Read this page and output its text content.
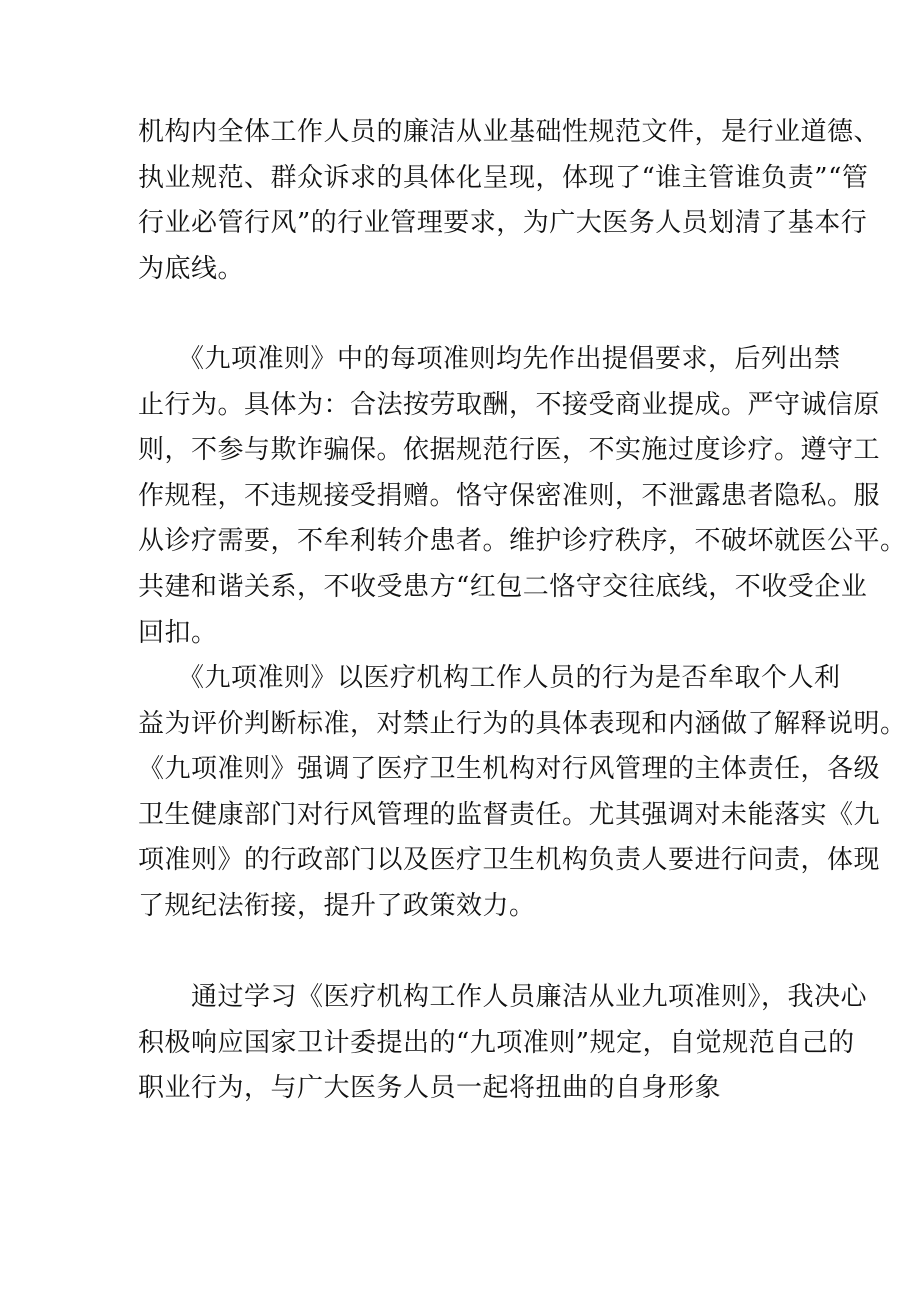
机构内全体工作人员的廉洁从业基础性规范文件，是行业道德、
执业规范、群众诉求的具体化呈现，体现了“谁主管谁负责”“管
行业必管行风”的行业管理要求，为广大医务人员划清了基本行
为底线。

　　《九项准则》中的每项准则均先作出提倡要求，后列出禁
止行为。具体为：合法按劳取酬，不接受商业提成。严守诚信原
则，不参与欺诈骗保。依据规范行医，不实施过度诊疗。遵守工
作规程，不违规接受捐赠。恪守保密准则，不泄露患者隐私。服
从诊疗需要，不牟利转介患者。维护诊疗秩序，不破坏就医公平。
共建和谐关系，不收受患方“红包二恪守交往底线，不收受企业
回扣。

　　《九项准则》以医疗机构工作人员的行为是否牟取个人利
益为评价判断标准，对禁止行为的具体表现和内涵做了解释说明。
《九项准则》强调了医疗卫生机构对行风管理的主体责任，各级
卫生健康部门对行风管理的监督责任。尤其强调对未能落实《九
项准则》的行政部门以及医疗卫生机构负责人要进行问责，体现
了规纪法衔接，提升了政策效力。

　　通过学习《医疗机构工作人员廉洁从业九项准则》，我决心
积极响应国家卫计委提出的“九项准则”规定，自觉规范自己的
职业行为，与广大医务人员一起将扭曲的自身形象
